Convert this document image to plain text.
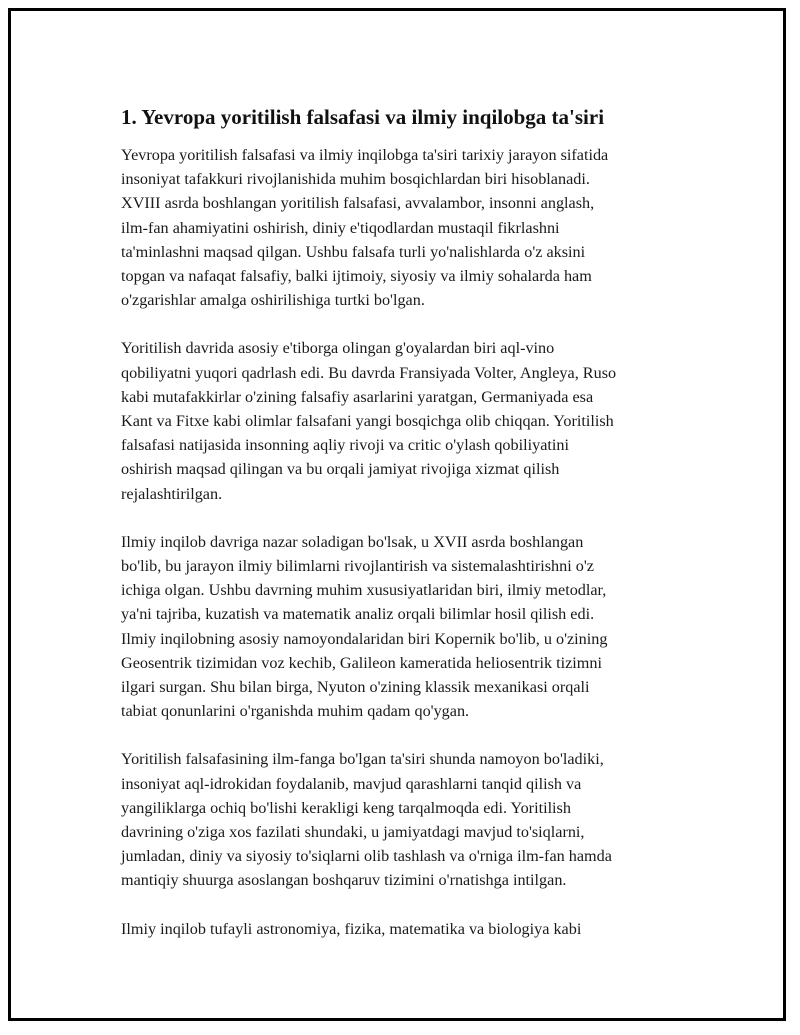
1. Yevropa yoritilish falsafasi va ilmiy inqilobga ta'siri

Yevropa yoritilish falsafasi va ilmiy inqilobga ta'siri tarixiy jarayon sifatida
insoniyat tafakkuri rivojlanishida muhim bosqichlardan biri hisoblanadi.
XVIII asrda boshlangan yoritilish falsafasi, avvalambor, insonni anglash,
ilm-fan ahamiyatini oshirish, diniy e'tiqodlardan mustaqil fikrlashni
ta'minlashni maqsad qilgan. Ushbu falsafa turli yo'nalishlarda o'z aksini
topgan va nafaqat falsafiy, balki ijtimoiy, siyosiy va ilmiy sohalarda ham
o'zgarishlar amalga oshirilishiga turtki bo'lgan.

Yoritilish davrida asosiy e'tiborga olingan g'oyalardan biri aql-vino
qobiliyatni yuqori qadrlash edi. Bu davrda Fransiyada Volter, Angleya, Ruso
kabi mutafakkirlar o'zining falsafiy asarlarini yaratgan, Germaniyada esa
Kant va Fitxe kabi olimlar falsafani yangi bosqichga olib chiqqan. Yoritilish
falsafasi natijasida insonning aqliy rivoji va critic o'ylash qobiliyatini
oshirish maqsad qilingan va bu orqali jamiyat rivojiga xizmat qilish
rejalashtirilgan.

Ilmiy inqilob davriga nazar soladigan bo'lsak, u XVII asrda boshlangan
bo'lib, bu jarayon ilmiy bilimlarni rivojlantirish va sistemalashtirishni o'z
ichiga olgan. Ushbu davrning muhim xususiyatlaridan biri, ilmiy metodlar,
ya'ni tajriba, kuzatish va matematik analiz orqali bilimlar hosil qilish edi.
Ilmiy inqilobning asosiy namoyondalaridan biri Kopernik bo'lib, u o'zining
Geosentrik tizimidan voz kechib, Galileon kameratida heliosentrik tizimni
ilgari surgan. Shu bilan birga, Nyuton o'zining klassik mexanikasi orqali
tabiat qonunlarini o'rganishda muhim qadam qo'ygan.

Yoritilish falsafasining ilm-fanga bo'lgan ta'siri shunda namoyon bo'ladiki,
insoniyat aql-idrokidan foydalanib, mavjud qarashlarni tanqid qilish va
yangiliklarga ochiq bo'lishi kerakligi keng tarqalmoqda edi. Yoritilish
davrining o'ziga xos fazilati shundaki, u jamiyatdagi mavjud to'siqlarni,
jumladan, diniy va siyosiy to'siqlarni olib tashlash va o'rniga ilm-fan hamda
mantiqiy shuurga asoslangan boshqaruv tizimini o'rnatishga intilgan.

Ilmiy inqilob tufayli astronomiya, fizika, matematika va biologiya kabi
